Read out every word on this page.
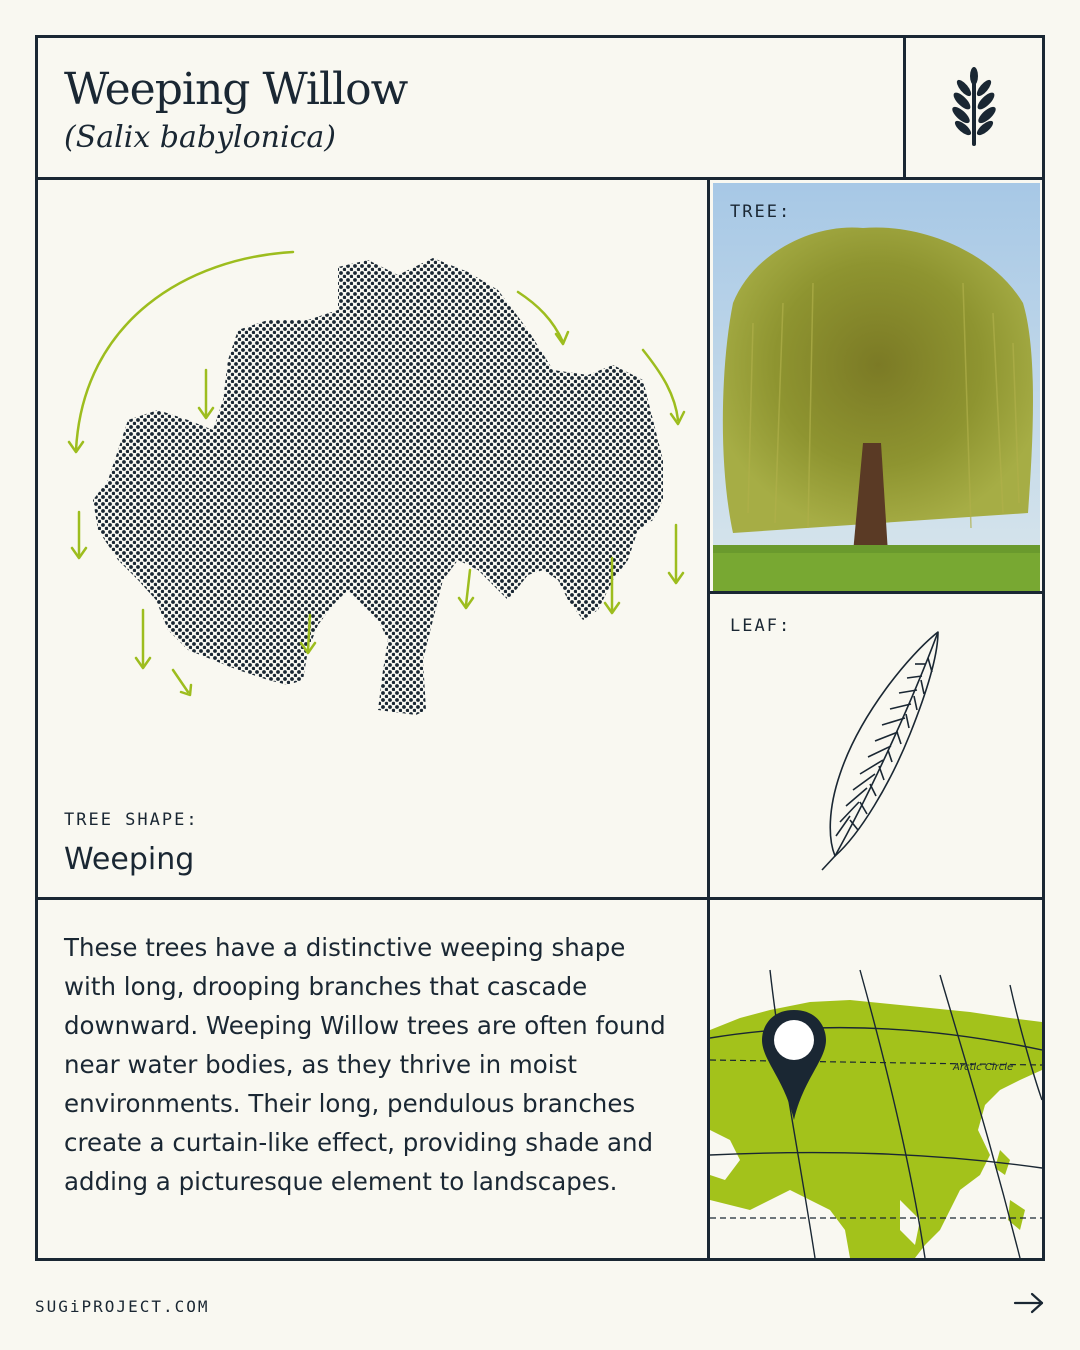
Weeping Willow

(Salix babylonica)

TREE SHAPE:
Weeping
TREE:
LEAF:

These trees have a distinctive weeping shape with long, drooping branches that cascade downward. Weeping Willow trees are often found near water bodies, as they thrive in moist environments. Their long, pendulous branches create a curtain-like effect, providing shade and adding a picturesque element to landscapes.

Arctic Circle
SUGiPROJECT.COM
